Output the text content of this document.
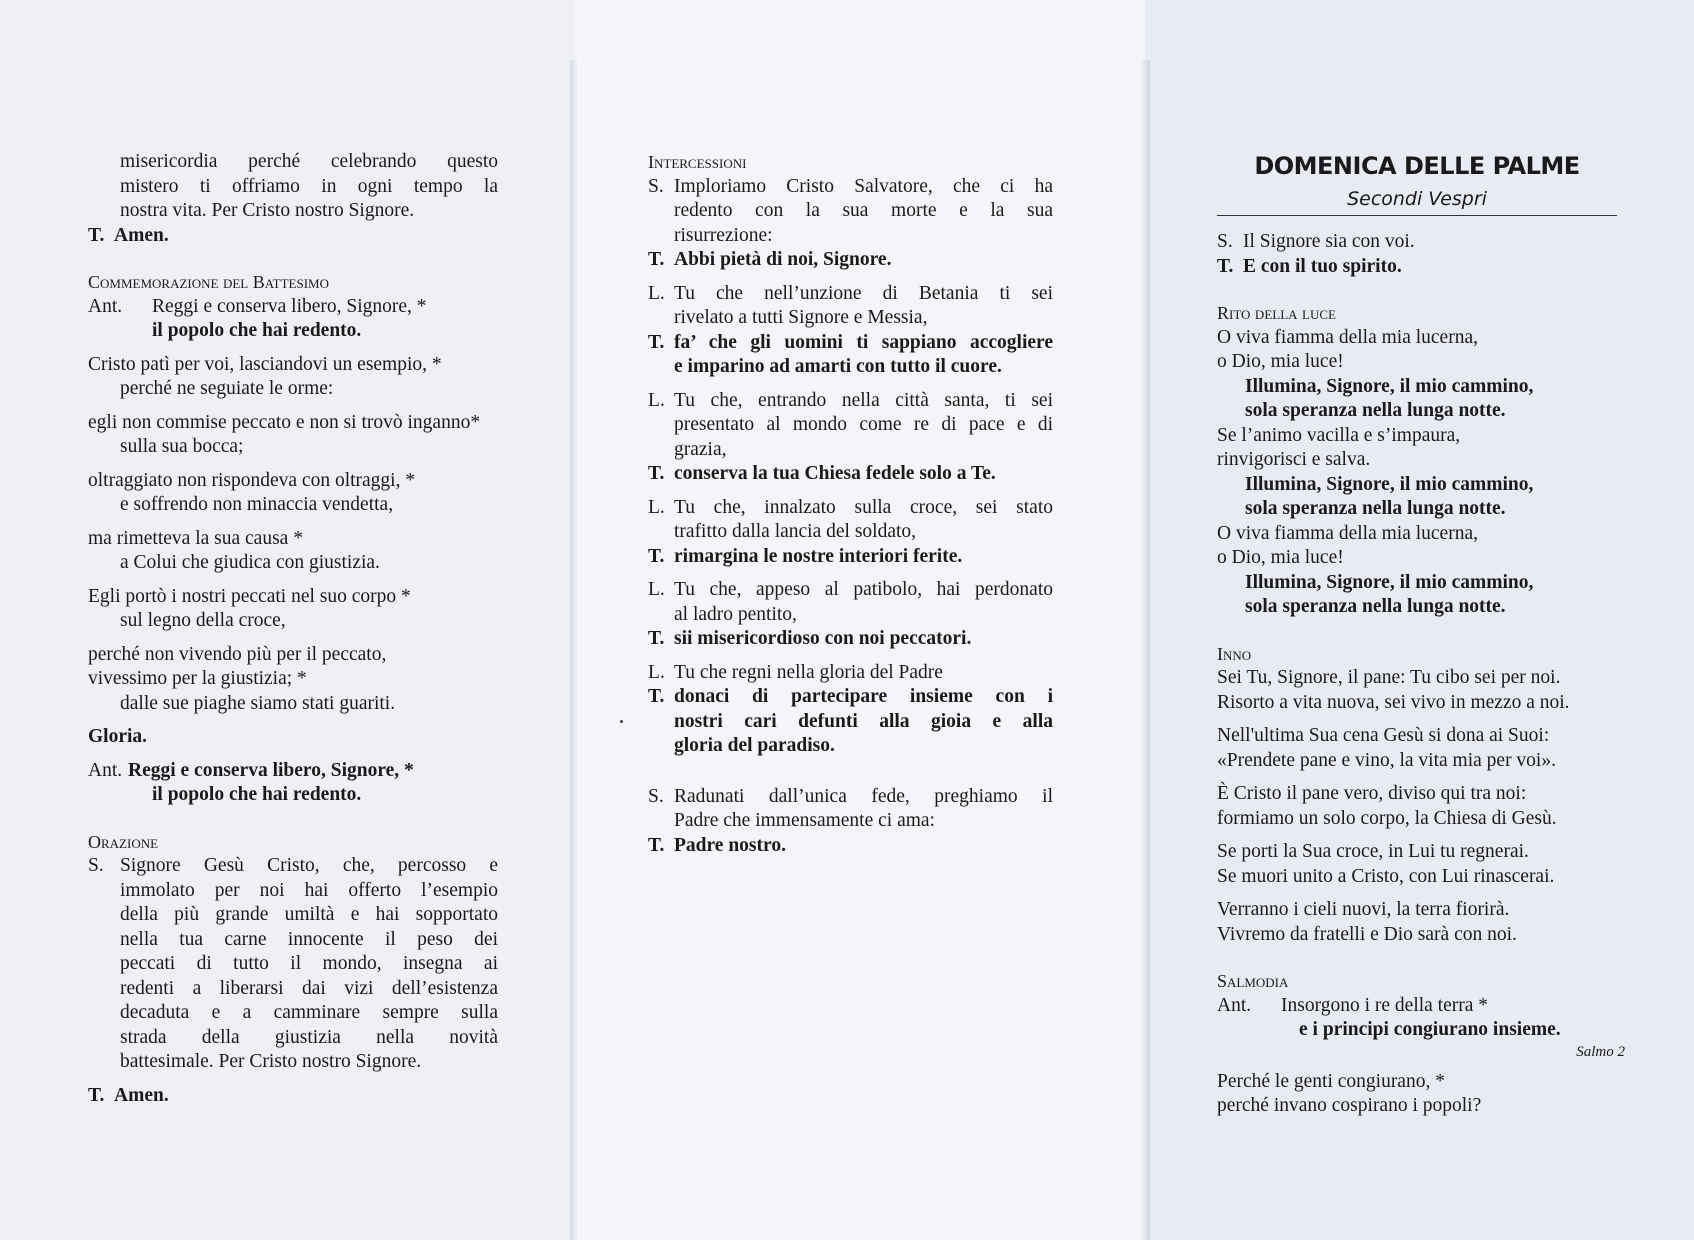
misericordia perché celebrando questo
mistero ti offriamo in ogni tempo la
nostra vita. Per Cristo nostro Signore.
T. Amen.
Commemorazione del Battesimo
Ant.	Reggi e conserva libero, Signore, *
il popolo che hai redento.
Cristo patì per voi, lasciandovi un esempio, *
perché ne seguiate le orme:
egli non commise peccato e non si trovò inganno*
sulla sua bocca;
oltraggiato non rispondeva con oltraggi, *
e soffrendo non minaccia vendetta,
ma rimetteva la sua causa *
a Colui che giudica con giustizia.
Egli portò i nostri peccati nel suo corpo *
sul legno della croce,
perché non vivendo più per il peccato,
vivessimo per la giustizia; *
dalle sue piaghe siamo stati guariti.
Gloria.
Ant. Reggi e conserva libero, Signore, *
il popolo che hai redento.
Orazione
S. Signore Gesù Cristo, che, percosso e
immolato per noi hai offerto l’esempio
della più grande umiltà e hai sopportato
nella tua carne innocente il peso dei
peccati di tutto il mondo, insegna ai
redenti a liberarsi dai vizi dell’esistenza
decaduta e a camminare sempre sulla
strada della giustizia nella novità
battesimale. Per Cristo nostro Signore.
T. Amen.
Intercessioni
S. Imploriamo Cristo Salvatore, che ci ha
redento con la sua morte e la sua
risurrezione:
T. Abbi pietà di noi, Signore.
L. Tu che nell’unzione di Betania ti sei
rivelato a tutti Signore e Messia,
T. fa’ che gli uomini ti sappiano accogliere
e imparino ad amarti con tutto il cuore.
L. Tu che, entrando nella città santa, ti sei
presentato al mondo come re di pace e di
grazia,
T. conserva la tua Chiesa fedele solo a Te.
L. Tu che, innalzato sulla croce, sei stato
trafitto dalla lancia del soldato,
T. rimargina le nostre interiori ferite.
L. Tu che, appeso al patibolo, hai perdonato
al ladro pentito,
T. sii misericordioso con noi peccatori.
L. Tu che regni nella gloria del Padre
T. donaci di partecipare insieme con i
nostri cari defunti alla gioia e alla
gloria del paradiso.
S. Radunati dall’unica fede, preghiamo il
Padre che immensamente ci ama:
T. Padre nostro.
DOMENICA DELLE PALME
Secondi Vespri
S. Il Signore sia con voi.
T. E con il tuo spirito.
Rito della luce
O viva fiamma della mia lucerna,
o Dio, mia luce!
Illumina, Signore, il mio cammino,
sola speranza nella lunga notte.
Se l’animo vacilla e s’impaura,
rinvigorisci e salva.
Illumina, Signore, il mio cammino,
sola speranza nella lunga notte.
O viva fiamma della mia lucerna,
o Dio, mia luce!
Illumina, Signore, il mio cammino,
sola speranza nella lunga notte.
Inno
Sei Tu, Signore, il pane: Tu cibo sei per noi.
Risorto a vita nuova, sei vivo in mezzo a noi.
Nell'ultima Sua cena Gesù si dona ai Suoi:
«Prendete pane e vino, la vita mia per voi».
È Cristo il pane vero, diviso qui tra noi:
formiamo un solo corpo, la Chiesa di Gesù.
Se porti la Sua croce, in Lui tu regnerai.
Se muori unito a Cristo, con Lui rinascerai.
Verranno i cieli nuovi, la terra fiorirà.
Vivremo da fratelli e Dio sarà con noi.
Salmodia
Ant.	Insorgono i re della terra *
e i principi congiurano insieme.
Salmo 2
Perché le genti congiurano, *
perché invano cospirano i popoli?
